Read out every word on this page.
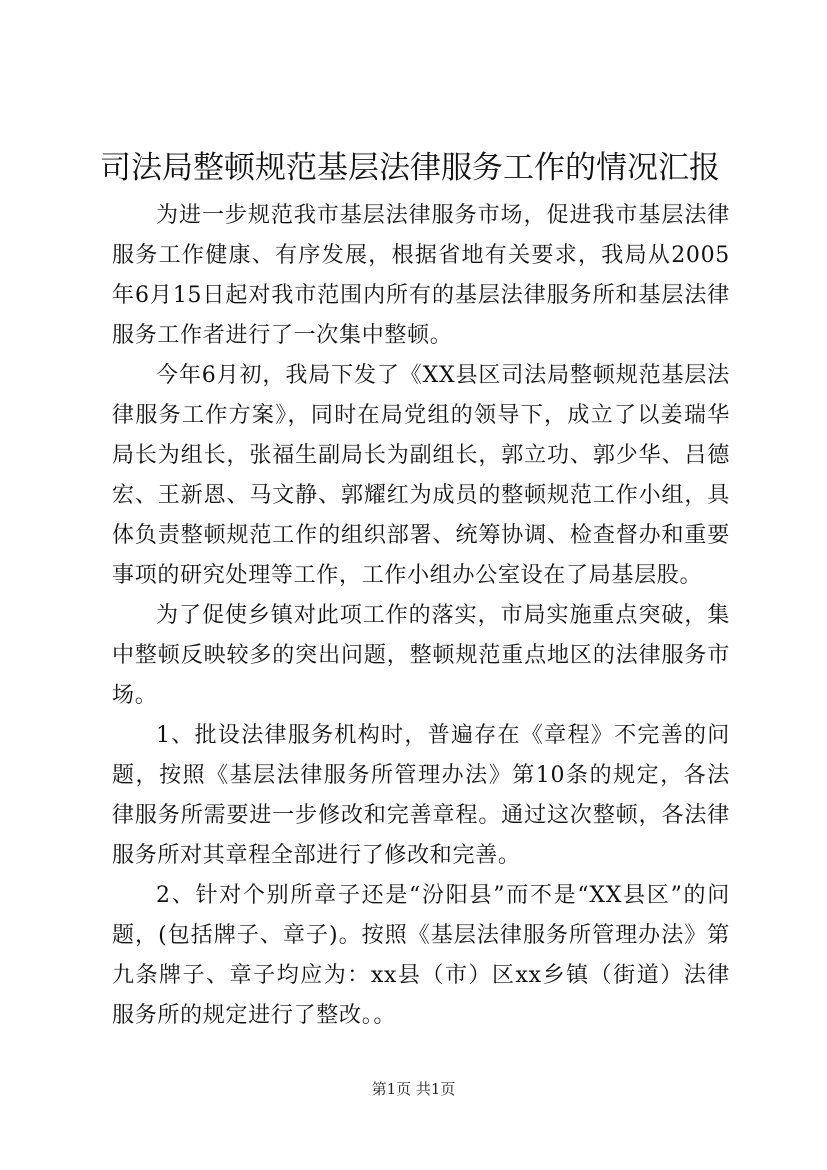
司法局整顿规范基层法律服务工作的情况汇报

为进一步规范我市基层法律服务市场，促进我市基层法律服务工作健康、有序发展，根据省地有关要求，我局从2005年6月15日起对我市范围内所有的基层法律服务所和基层法律服务工作者进行了一次集中整顿。

今年6月初，我局下发了《XX县区司法局整顿规范基层法律服务工作方案》，同时在局党组的领导下，成立了以姜瑞华局长为组长，张福生副局长为副组长，郭立功、郭少华、吕德宏、王新恩、马文静、郭耀红为成员的整顿规范工作小组，具体负责整顿规范工作的组织部署、统筹协调、检查督办和重要事项的研究处理等工作，工作小组办公室设在了局基层股。

为了促使乡镇对此项工作的落实，市局实施重点突破，集中整顿反映较多的突出问题，整顿规范重点地区的法律服务市场。

1、批设法律服务机构时，普遍存在《章程》不完善的问题，按照《基层法律服务所管理办法》第10条的规定，各法律服务所需要进一步修改和完善章程。通过这次整顿，各法律服务所对其章程全部进行了修改和完善。

2、针对个别所章子还是“汾阳县”而不是“XX县区”的问题，(包括牌子、章子)。按照《基层法律服务所管理办法》第九条牌子、章子均应为：xx县（市）区xx乡镇（街道）法律服务所的规定进行了整改。。

第1页 共1页
